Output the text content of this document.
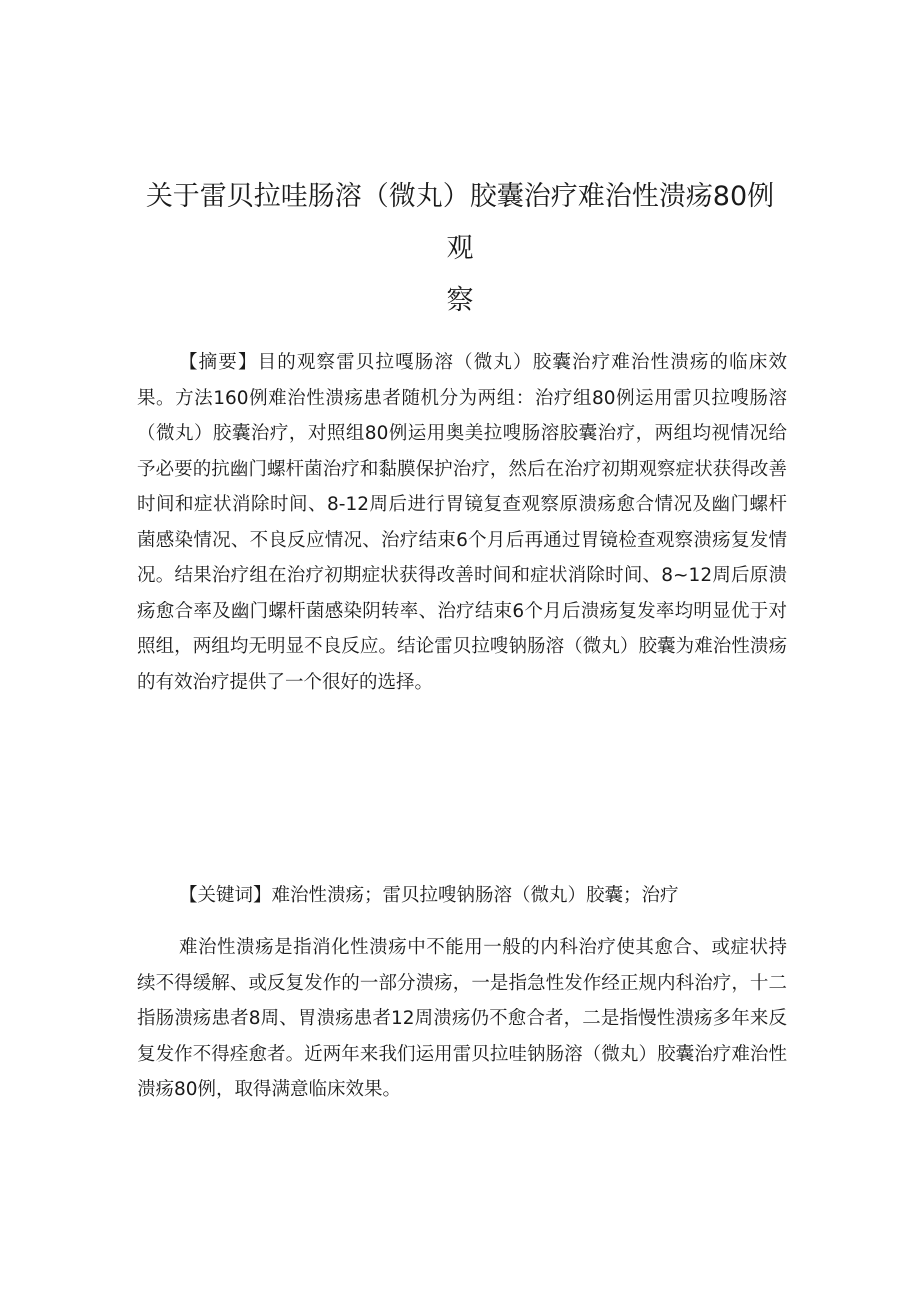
关于雷贝拉哇肠溶（微丸）胶囊治疗难治性溃疡80例
观
察

【摘要】目的观察雷贝拉嘎肠溶（微丸）胶囊治疗难治性溃疡的临床效果。方法160例难治性溃疡患者随机分为两组：治疗组80例运用雷贝拉嗖肠溶（微丸）胶囊治疗，对照组80例运用奥美拉嗖肠溶胶囊治疗，两组均视情况给予必要的抗幽门螺杆菌治疗和黏膜保护治疗，然后在治疗初期观察症状获得改善时间和症状消除时间、8-12周后进行胃镜复查观察原溃疡愈合情况及幽门螺杆菌感染情况、不良反应情况、治疗结束6个月后再通过胃镜检查观察溃疡复发情况。结果治疗组在治疗初期症状获得改善时间和症状消除时间、8~12周后原溃疡愈合率及幽门螺杆菌感染阴转率、治疗结束6个月后溃疡复发率均明显优于对照组，两组均无明显不良反应。结论雷贝拉嗖钠肠溶（微丸）胶囊为难治性溃疡的有效治疗提供了一个很好的选择。

【关键词】难治性溃疡；雷贝拉嗖钠肠溶（微丸）胶囊；治疗

难治性溃疡是指消化性溃疡中不能用一般的内科治疗使其愈合、或症状持续不得缓解、或反复发作的一部分溃疡，一是指急性发作经正规内科治疗，十二指肠溃疡患者8周、胃溃疡患者12周溃疡仍不愈合者，二是指慢性溃疡多年来反复发作不得痊愈者。近两年来我们运用雷贝拉哇钠肠溶（微丸）胶囊治疗难治性溃疡80例，取得满意临床效果。
